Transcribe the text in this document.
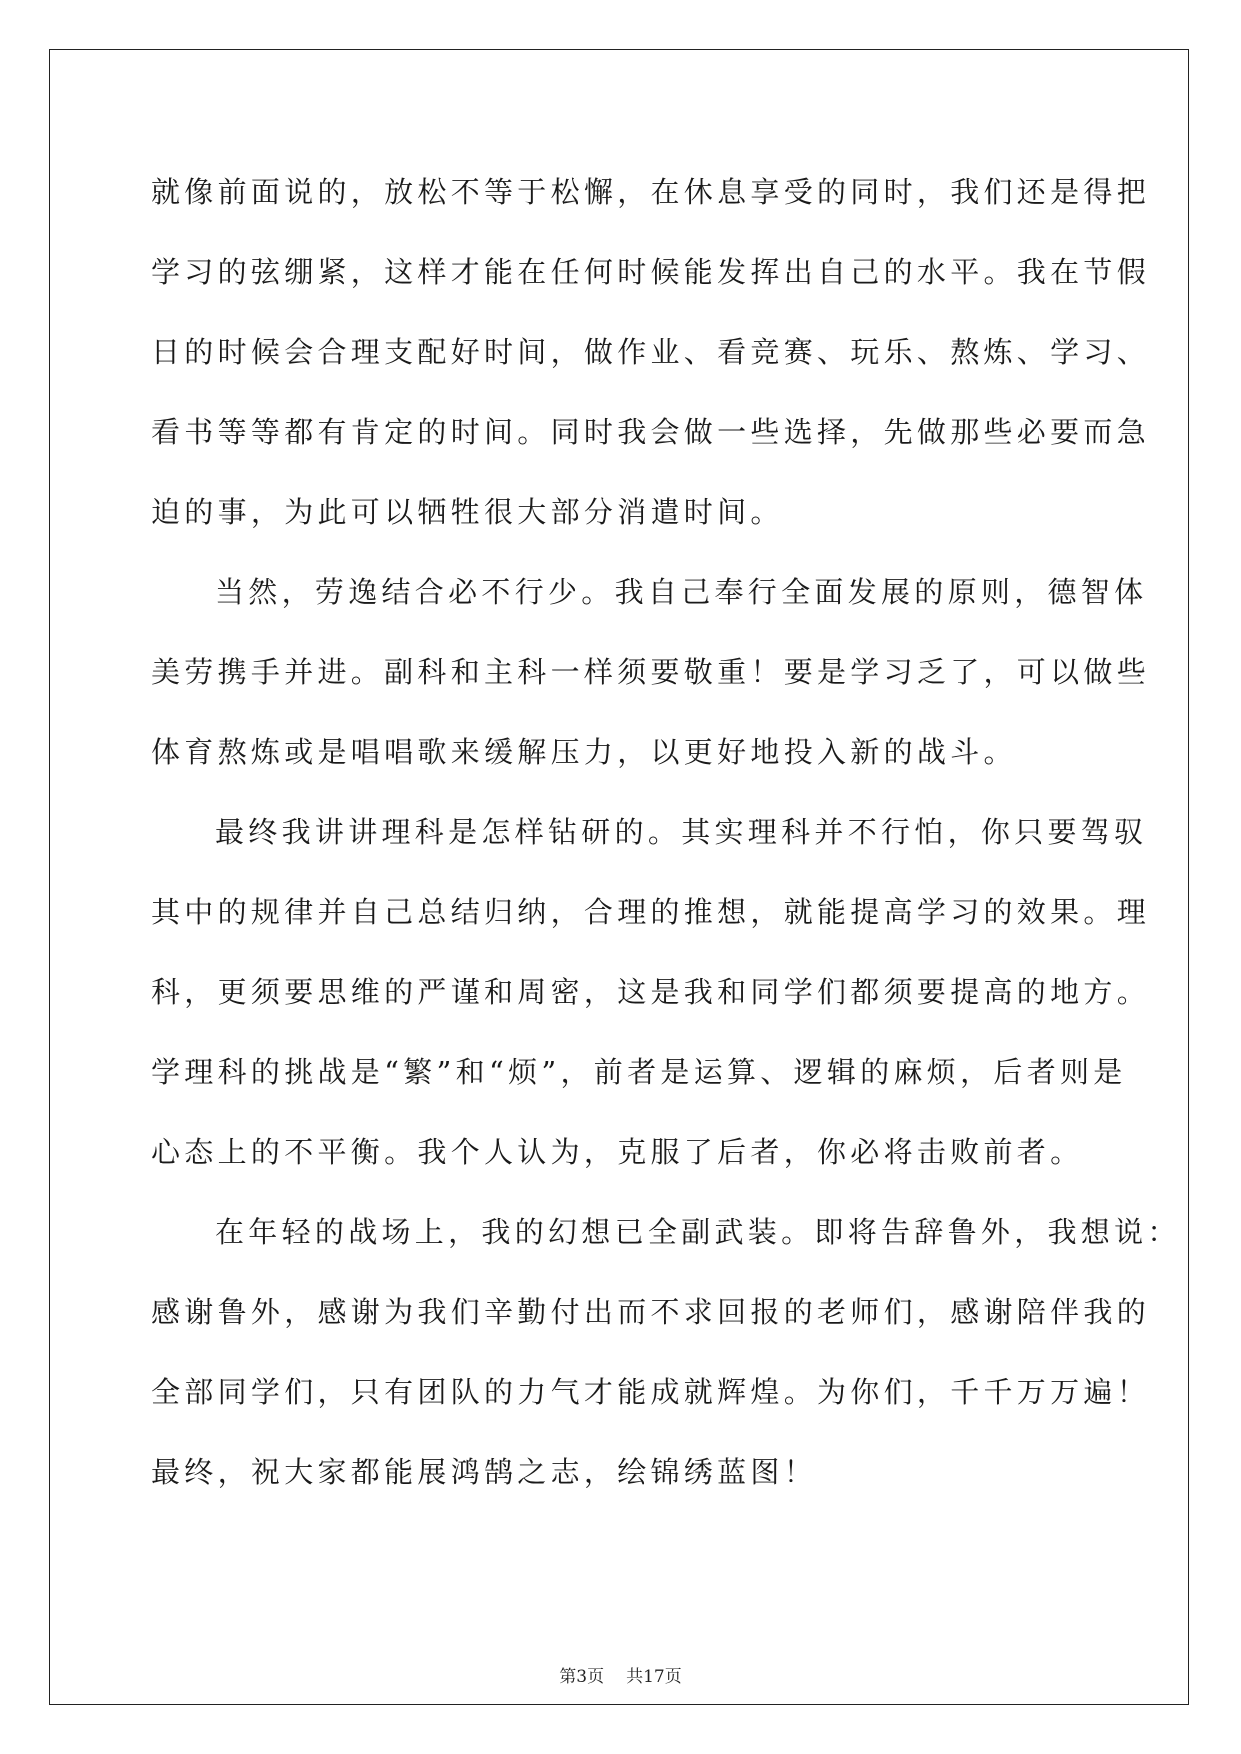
就像前面说的，放松不等于松懈，在休息享受的同时，我们还是得把
学习的弦绷紧，这样才能在任何时候能发挥出自己的水平。我在节假
日的时候会合理支配好时间，做作业、看竞赛、玩乐、熬炼、学习、
看书等等都有肯定的时间。同时我会做一些选择，先做那些必要而急
迫的事，为此可以牺牲很大部分消遣时间。
当然，劳逸结合必不行少。我自己奉行全面发展的原则，德智体
美劳携手并进。副科和主科一样须要敬重！要是学习乏了，可以做些
体育熬炼或是唱唱歌来缓解压力，以更好地投入新的战斗。
最终我讲讲理科是怎样钻研的。其实理科并不行怕，你只要驾驭
其中的规律并自己总结归纳，合理的推想，就能提高学习的效果。理
科，更须要思维的严谨和周密，这是我和同学们都须要提高的地方。
学理科的挑战是“繁”和“烦”，前者是运算、逻辑的麻烦，后者则是
心态上的不平衡。我个人认为，克服了后者，你必将击败前者。
在年轻的战场上，我的幻想已全副武装。即将告辞鲁外，我想说：
感谢鲁外，感谢为我们辛勤付出而不求回报的老师们，感谢陪伴我的
全部同学们，只有团队的力气才能成就辉煌。为你们，千千万万遍！
最终，祝大家都能展鸿鹄之志，绘锦绣蓝图！
第3页 共17页
